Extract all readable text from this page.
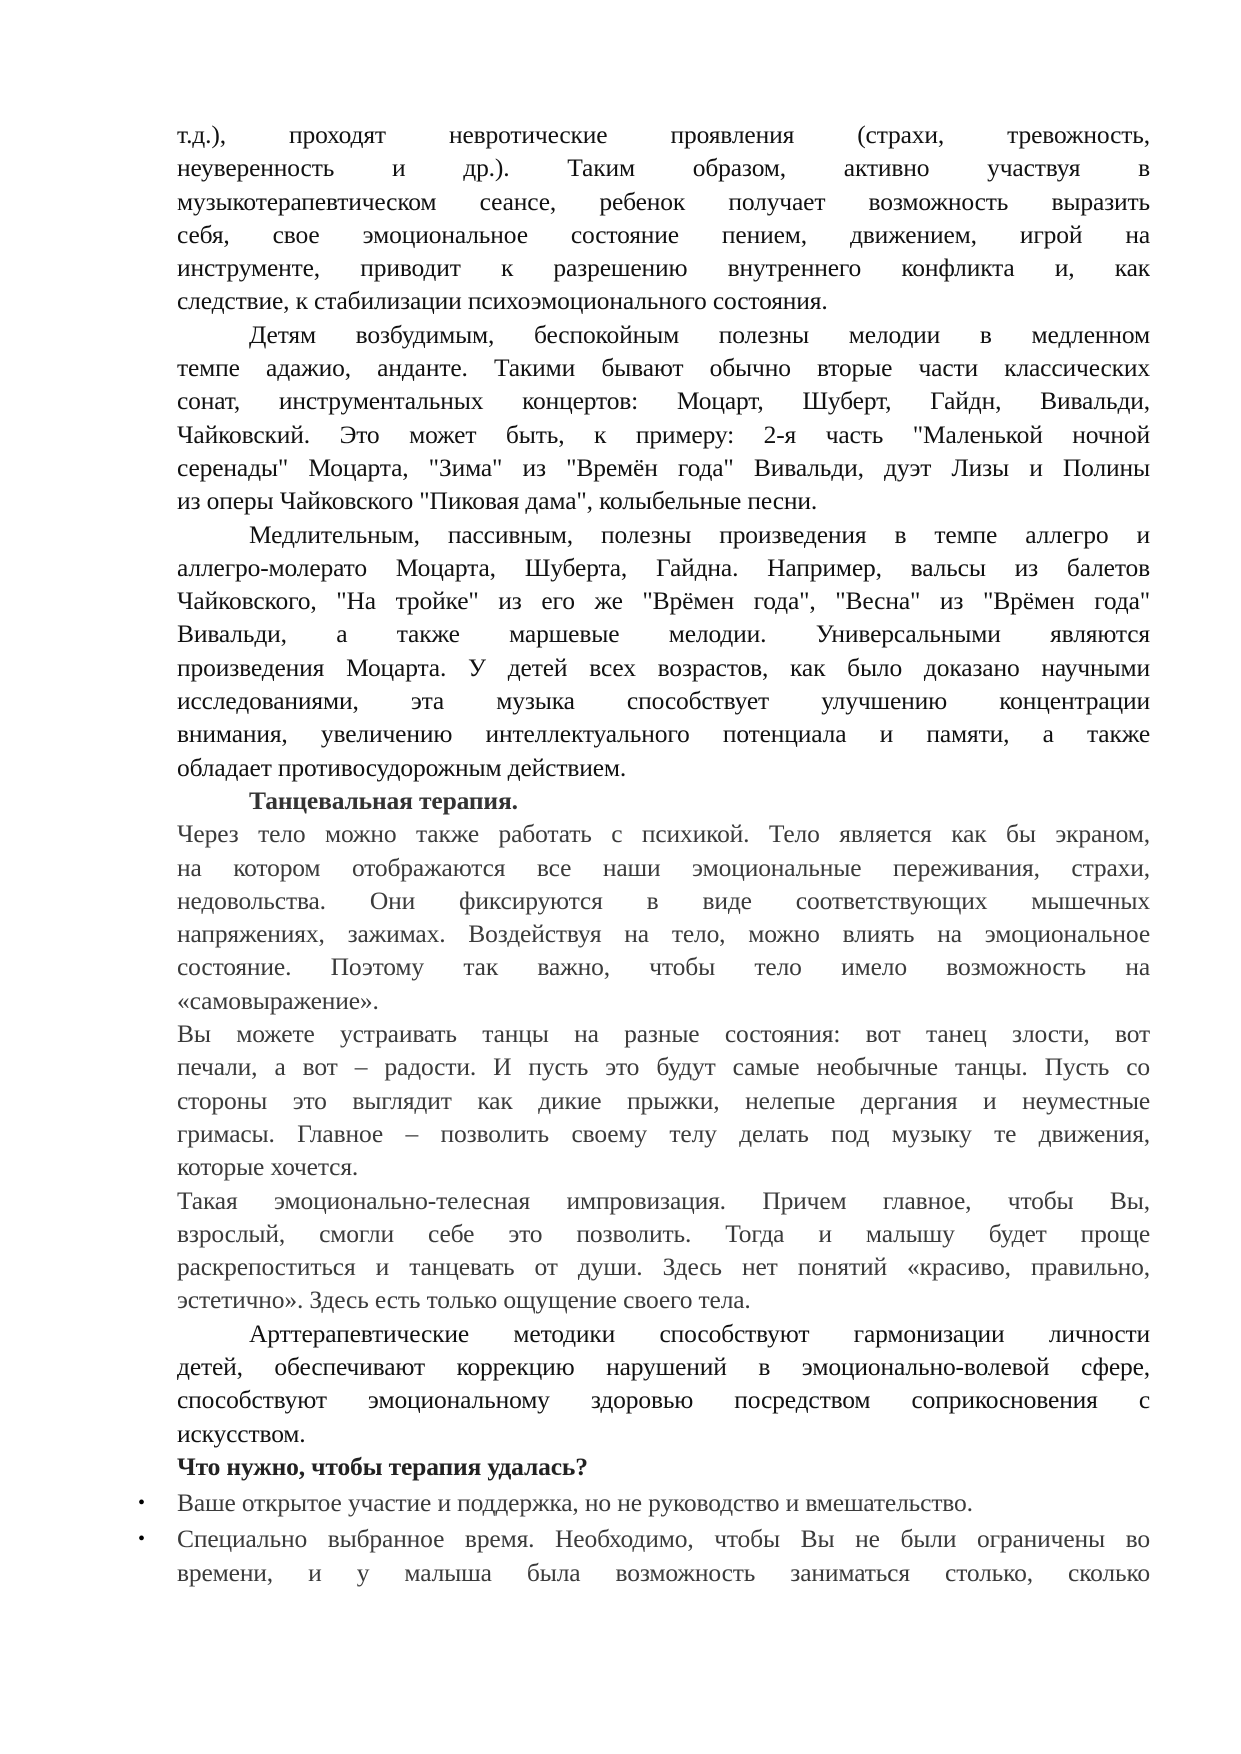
т.д.), проходят невротические проявления (страхи, тревожность,
неуверенность и др.). Таким образом, активно участвуя в
музыкотерапевтическом сеансе, ребенок получает возможность выразить
себя, свое эмоциональное состояние пением, движением, игрой на
инструменте, приводит к разрешению внутреннего конфликта и, как
следствие, к стабилизации психоэмоционального состояния.
Детям возбудимым, беспокойным полезны мелодии в медленном
темпе адажио, анданте. Такими бывают обычно вторые части классических
сонат, инструментальных концертов: Моцарт, Шуберт, Гайдн, Вивальди,
Чайковский. Это может быть, к примеру: 2-я часть "Маленькой ночной
серенады" Моцарта, "Зима" из "Времён года" Вивальди, дуэт Лизы и Полины
из оперы Чайковского "Пиковая дама", колыбельные песни.
Медлительным, пассивным, полезны произведения в темпе аллегро и
аллегро-молерато Моцарта, Шуберта, Гайдна. Например, вальсы из балетов
Чайковского, "На тройке" из его же "Врёмен года", "Весна" из "Врёмен года"
Вивальди, а также маршевые мелодии. Универсальными являются
произведения Моцарта. У детей всех возрастов, как было доказано научными
исследованиями, эта музыка способствует улучшению концентрации
внимания, увеличению интеллектуального потенциала и памяти, а также
обладает противосудорожным действием.
Танцевальная терапия.
Через тело можно также работать с психикой. Тело является как бы экраном,
на котором отображаются все наши эмоциональные переживания, страхи,
недовольства. Они фиксируются в виде соответствующих мышечных
напряжениях, зажимах. Воздействуя на тело, можно влиять на эмоциональное
состояние. Поэтому так важно, чтобы тело имело возможность на
«самовыражение».
Вы можете устраивать танцы на разные состояния: вот танец злости, вот
печали, а вот – радости. И пусть это будут самые необычные танцы. Пусть со
стороны это выглядит как дикие прыжки, нелепые дергания и неуместные
гримасы. Главное – позволить своему телу делать под музыку те движения,
которые хочется.
Такая эмоционально-телесная импровизация. Причем главное, чтобы Вы,
взрослый, смогли себе это позволить. Тогда и малышу будет проще
раскрепоститься и танцевать от души. Здесь нет понятий «красиво, правильно,
эстетично». Здесь есть только ощущение своего тела.
Арттерапевтические методики способствуют гармонизации личности
детей, обеспечивают коррекцию нарушений в эмоционально-волевой сфере,
способствуют эмоциональному здоровью посредством соприкосновения с
искусством.
Что нужно, чтобы терапия удалась?
• Ваше открытое участие и поддержка, но не руководство и вмешательство.
• Специально выбранное время. Необходимо, чтобы Вы не были ограничены во
времени, и у малыша была возможность заниматься столько, сколько
